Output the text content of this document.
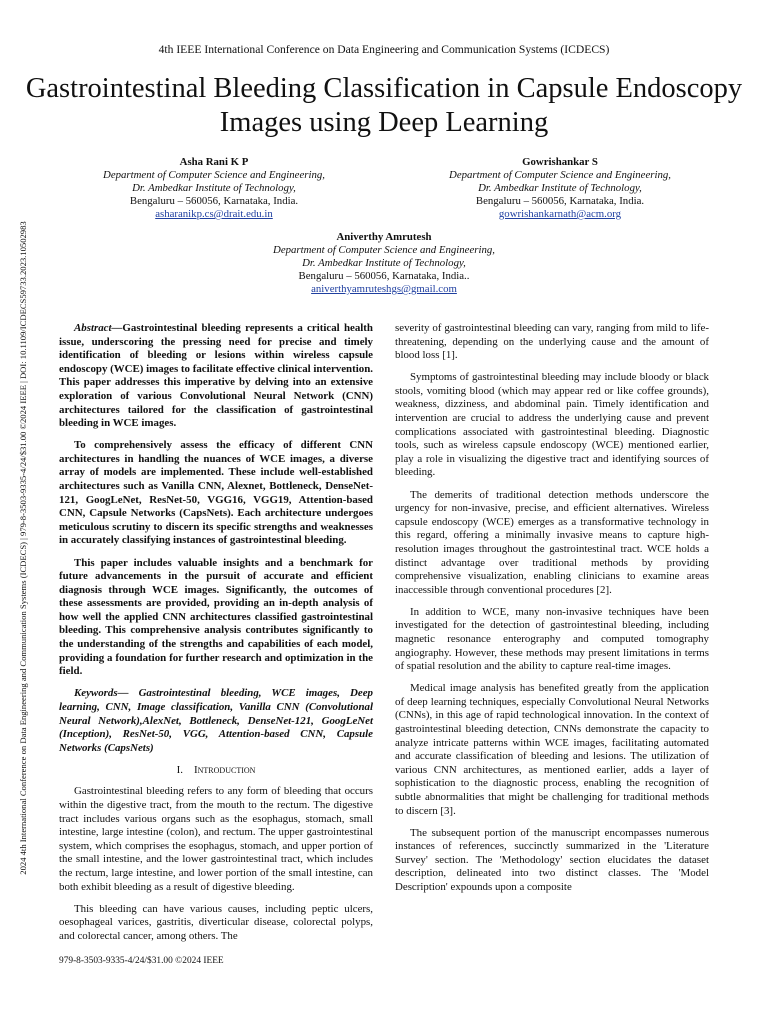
4th IEEE International Conference on Data Engineering and Communication Systems (ICDECS)
Gastrointestinal Bleeding Classification in Capsule Endoscopy Images using Deep Learning
2024 4th International Conference on Data Engineering and Communication Systems (ICDECS) | 979-8-3503-9335-4/24/$31.00 ©2024 IEEE | DOI: 10.1109/ICDECS59733.2023.10502983
Asha Rani K P
Department of Computer Science and Engineering,
Dr. Ambedkar Institute of Technology,
Bengaluru – 560056, Karnataka, India.
asharanikp.cs@drait.edu.in
Gowrishankar S
Department of Computer Science and Engineering,
Dr. Ambedkar Institute of Technology,
Bengaluru – 560056, Karnataka, India.
gowrishankarnath@acm.org
Aniverthy Amrutesh
Department of Computer Science and Engineering,
Dr. Ambedkar Institute of Technology,
Bengaluru – 560056, Karnataka, India..
aniverthyamruteshgs@gmail.com

Abstract—Gastrointestinal bleeding represents a critical health issue, underscoring the pressing need for precise and timely identification of bleeding or lesions within wireless capsule endoscopy (WCE) images to facilitate effective clinical intervention. This paper addresses this imperative by delving into an extensive exploration of various Convolutional Neural Network (CNN) architectures tailored for the classification of gastrointestinal bleeding in WCE images.

To comprehensively assess the efficacy of different CNN architectures in handling the nuances of WCE images, a diverse array of models are implemented. These include well-established architectures such as Vanilla CNN, Alexnet, Bottleneck, DenseNet-121, GoogLeNet, ResNet-50, VGG16, VGG19, Attention-based CNN, Capsule Networks (CapsNets). Each architecture undergoes meticulous scrutiny to discern its specific strengths and weaknesses in accurately classifying instances of gastrointestinal bleeding.

This paper includes valuable insights and a benchmark for future advancements in the pursuit of accurate and efficient diagnosis through WCE images. Significantly, the outcomes of these assessments are provided, providing an in-depth analysis of how well the applied CNN architectures classified gastrointestinal bleeding. This comprehensive analysis contributes significantly to the understanding of the strengths and capabilities of each model, providing a foundation for further research and optimization in the field.

Keywords— Gastrointestinal bleeding, WCE images, Deep learning, CNN, Image classification, Vanilla CNN (Convolutional Neural Network),AlexNet, Bottleneck, DenseNet-121, GoogLeNet (Inception), ResNet-50, VGG, Attention-based CNN, Capsule Networks (CapsNets)

I. Introduction

Gastrointestinal bleeding refers to any form of bleeding that occurs within the digestive tract, from the mouth to the rectum. The digestive tract includes various organs such as the esophagus, stomach, small intestine, large intestine (colon), and rectum. The upper gastrointestinal system, which comprises the esophagus, stomach, and upper portion of the small intestine, and the lower gastrointestinal tract, which includes the rectum, large intestine, and lower portion of the small intestine, can both exhibit bleeding as a result of digestive bleeding.

This bleeding can have various causes, including peptic ulcers, oesophageal varices, gastritis, diverticular disease, colorectal polyps, and colorectal cancer, among others. The

severity of gastrointestinal bleeding can vary, ranging from mild to life-threatening, depending on the underlying cause and the amount of blood loss [1].

Symptoms of gastrointestinal bleeding may include bloody or black stools, vomiting blood (which may appear red or like coffee grounds), weakness, dizziness, and abdominal pain. Timely identification and intervention are crucial to address the underlying cause and prevent complications associated with gastrointestinal bleeding. Diagnostic tools, such as wireless capsule endoscopy (WCE) mentioned earlier, play a role in visualizing the digestive tract and identifying sources of bleeding.

The demerits of traditional detection methods underscore the urgency for non-invasive, precise, and efficient alternatives. Wireless capsule endoscopy (WCE) emerges as a transformative technology in this regard, offering a minimally invasive means to capture high-resolution images throughout the gastrointestinal tract. WCE holds a distinct advantage over traditional methods by providing comprehensive visualization, enabling clinicians to examine areas inaccessible through conventional procedures [2].

In addition to WCE, many non-invasive techniques have been investigated for the detection of gastrointestinal bleeding, including magnetic resonance enterography and computed tomography angiography. However, these methods may present limitations in terms of spatial resolution and the ability to capture real-time images.

Medical image analysis has benefited greatly from the application of deep learning techniques, especially Convolutional Neural Networks (CNNs), in this age of rapid technological innovation. In the context of gastrointestinal bleeding detection, CNNs demonstrate the capacity to analyze intricate patterns within WCE images, facilitating automated and accurate classification of bleeding and lesions. The utilization of various CNN architectures, as mentioned earlier, adds a layer of sophistication to the diagnostic process, enabling the recognition of subtle abnormalities that might be challenging for traditional methods to discern [3].

The subsequent portion of the manuscript encompasses numerous instances of references, succinctly summarized in the 'Literature Survey' section. The 'Methodology' section elucidates the dataset description, delineated into two distinct classes. The 'Model Description' expounds upon a composite

979-8-3503-9335-4/24/$31.00 ©2024 IEEE
